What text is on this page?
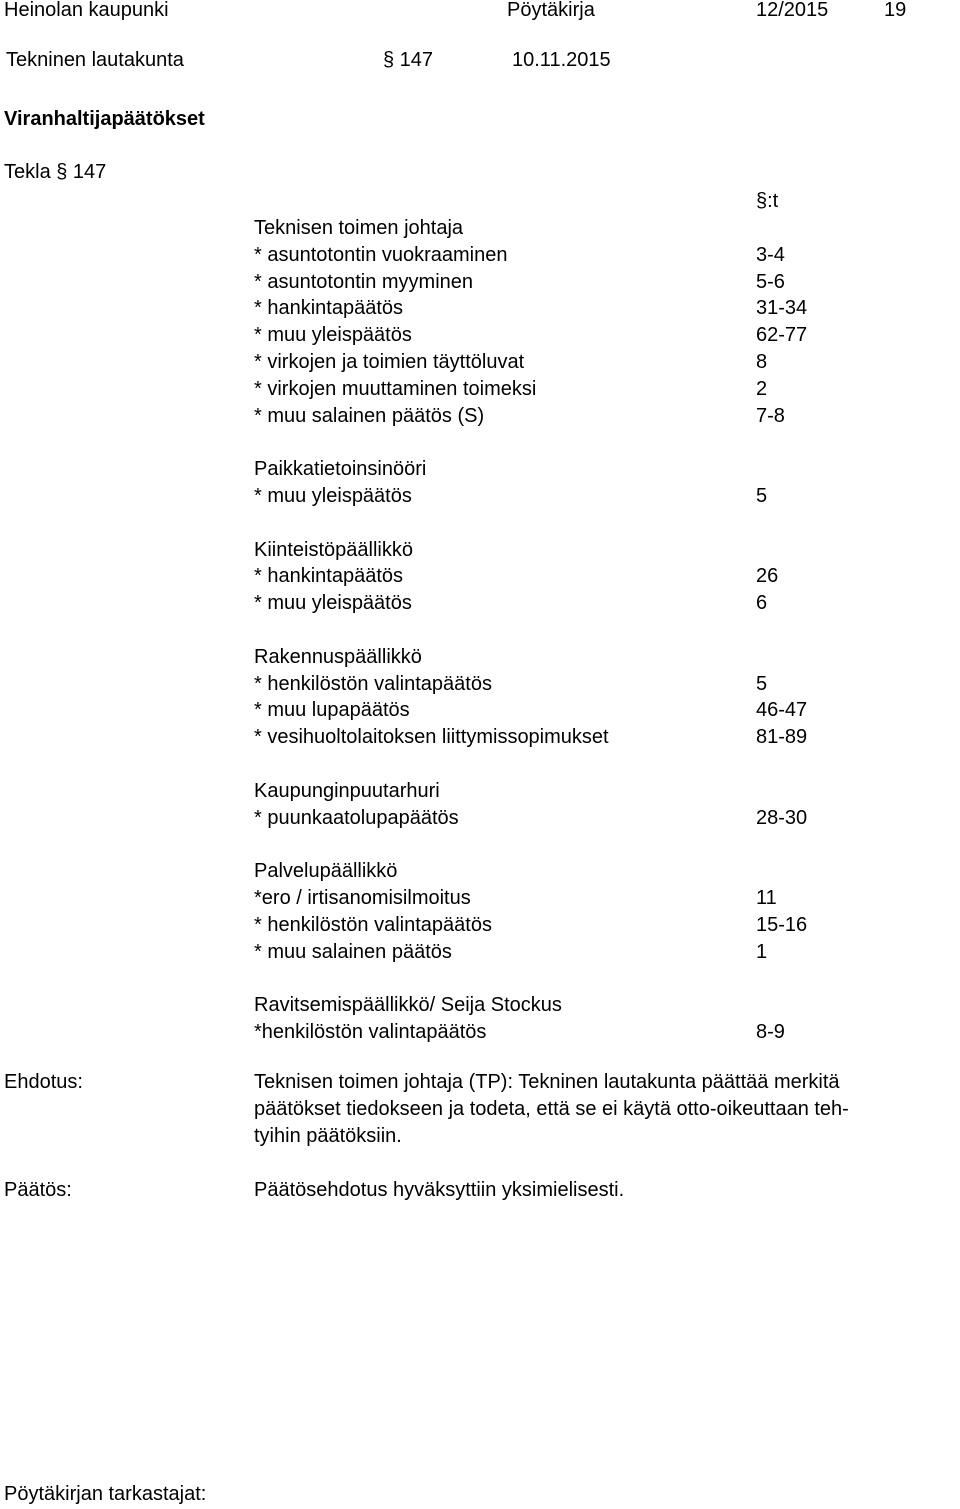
Heinolan kaupunki	Pöytäkirja	12/2015	19
Tekninen lautakunta	§ 147	10.11.2015
Viranhaltijapäätökset
Tekla § 147
§:t
Teknisen toimen johtaja
* asuntotontin vuokraaminen	3-4
* asuntotontin myyminen	5-6
* hankintapäätös	31-34
* muu yleispäätös	62-77
* virkojen ja toimien täyttöluvat	8
* virkojen muuttaminen toimeksi	2
* muu salainen päätös (S)	7-8
Paikkatietoinsinööri
* muu yleispäätös	5
Kiinteistöpäällikkö
* hankintapäätös	26
* muu yleispäätös	6
Rakennuspäällikkö
* henkilöstön valintapäätös	5
* muu lupapäätös	46-47
* vesihuoltolaitoksen liittymissopimukset	81-89
Kaupunginpuutarhuri
* puunkaatolupapäätös	28-30
Palvelupäällikkö
*ero / irtisanomisilmoitus	11
* henkilöstön valintapäätös	15-16
* muu salainen päätös	1
Ravitsemispäällikkö/ Seija Stockus
*henkilöstön valintapäätös	8-9
Ehdotus:	Teknisen toimen johtaja (TP): Tekninen lautakunta päättää merkitä
päätökset tiedokseen ja todeta, että se ei käytä otto-oikeuttaan teh-
tyihin päätöksiin.
Päätös:	Päätösehdotus hyväksyttiin yksimielisesti.
Pöytäkirjan tarkastajat:
